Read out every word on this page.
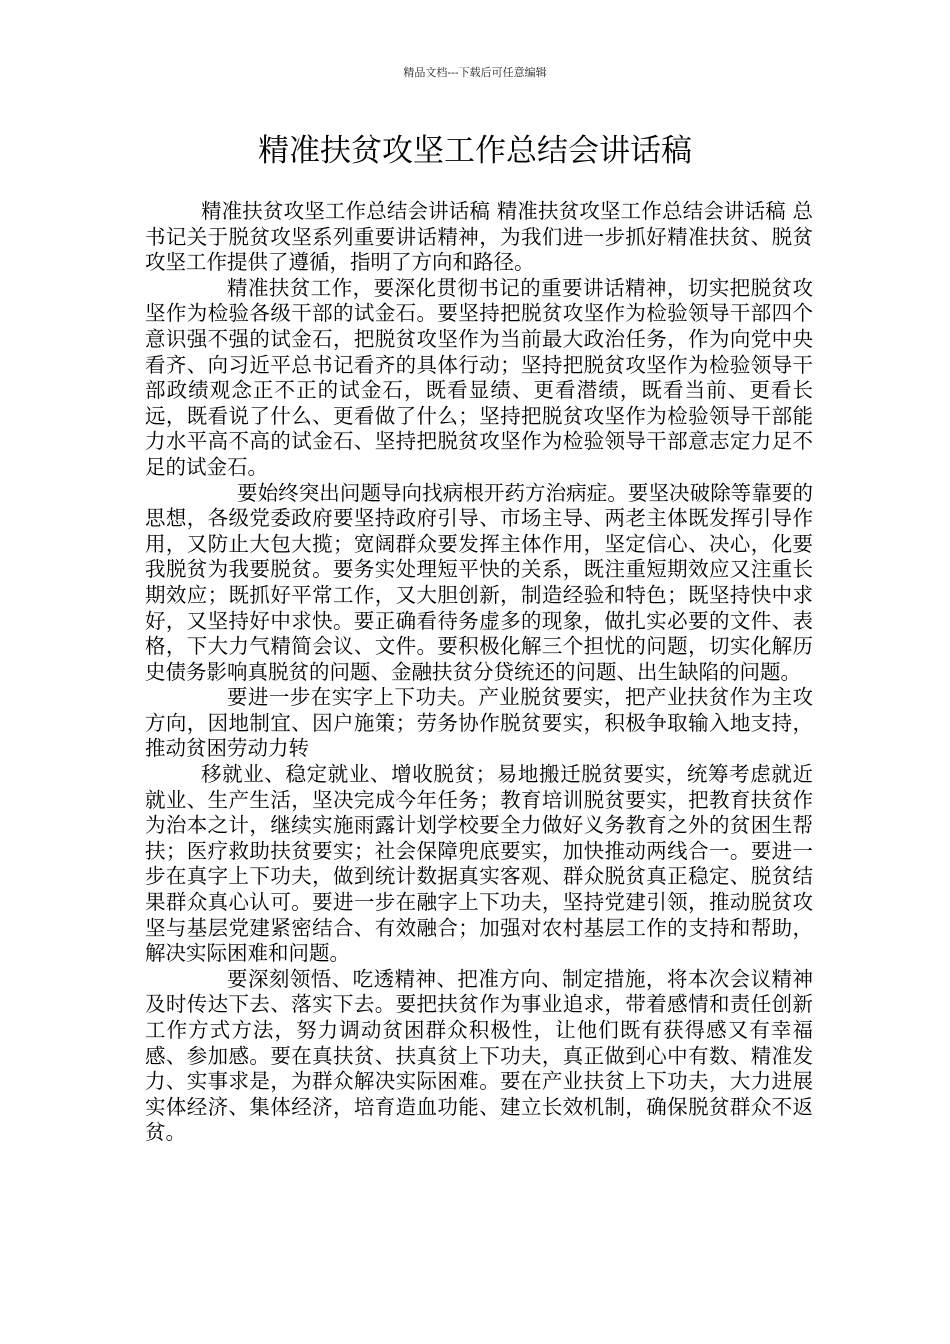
精品文档---下载后可任意编辑
精准扶贫攻坚工作总结会讲话稿

精准扶贫攻坚工作总结会讲话稿 精准扶贫攻坚工作总结会讲话稿 总书记关于脱贫攻坚系列重要讲话精神，为我们进一步抓好精准扶贫、脱贫攻坚工作提供了遵循，指明了方向和路径。

精准扶贫工作，要深化贯彻书记的重要讲话精神，切实把脱贫攻坚作为检验各级干部的试金石。要坚持把脱贫攻坚作为检验领导干部四个意识强不强的试金石，把脱贫攻坚作为当前最大政治任务，作为向党中央看齐、向习近平总书记看齐的具体行动；坚持把脱贫攻坚作为检验领导干部政绩观念正不正的试金石，既看显绩、更看潜绩，既看当前、更看长远，既看说了什么、更看做了什么；坚持把脱贫攻坚作为检验领导干部能力水平高不高的试金石、坚持把脱贫攻坚作为检验领导干部意志定力足不足的试金石。

要始终突出问题导向找病根开药方治病症。要坚决破除等靠要的思想，各级党委政府要坚持政府引导、市场主导、两老主体既发挥引导作用，又防止大包大揽；宽阔群众要发挥主体作用，坚定信心、决心，化要我脱贫为我要脱贫。要务实处理短平快的关系，既注重短期效应又注重长期效应；既抓好平常工作，又大胆创新，制造经验和特色；既坚持快中求好，又坚持好中求快。要正确看待务虚多的现象，做扎实必要的文件、表格，下大力气精简会议、文件。要积极化解三个担忧的问题，切实化解历史债务影响真脱贫的问题、金融扶贫分贷统还的问题、出生缺陷的问题。

要进一步在实字上下功夫。产业脱贫要实，把产业扶贫作为主攻方向，因地制宜、因户施策；劳务协作脱贫要实，积极争取输入地支持，推动贫困劳动力转

移就业、稳定就业、增收脱贫；易地搬迁脱贫要实，统筹考虑就近就业、生产生活，坚决完成今年任务；教育培训脱贫要实，把教育扶贫作为治本之计，继续实施雨露计划学校要全力做好义务教育之外的贫困生帮扶；医疗救助扶贫要实；社会保障兜底要实，加快推动两线合一。要进一步在真字上下功夫，做到统计数据真实客观、群众脱贫真正稳定、脱贫结果群众真心认可。要进一步在融字上下功夫，坚持党建引领，推动脱贫攻坚与基层党建紧密结合、有效融合；加强对农村基层工作的支持和帮助，解决实际困难和问题。

要深刻领悟、吃透精神、把准方向、制定措施，将本次会议精神及时传达下去、落实下去。要把扶贫作为事业追求，带着感情和责任创新工作方式方法，努力调动贫困群众积极性，让他们既有获得感又有幸福感、参加感。要在真扶贫、扶真贫上下功夫，真正做到心中有数、精准发力、实事求是，为群众解决实际困难。要在产业扶贫上下功夫，大力进展实体经济、集体经济，培育造血功能、建立长效机制，确保脱贫群众不返贫。
